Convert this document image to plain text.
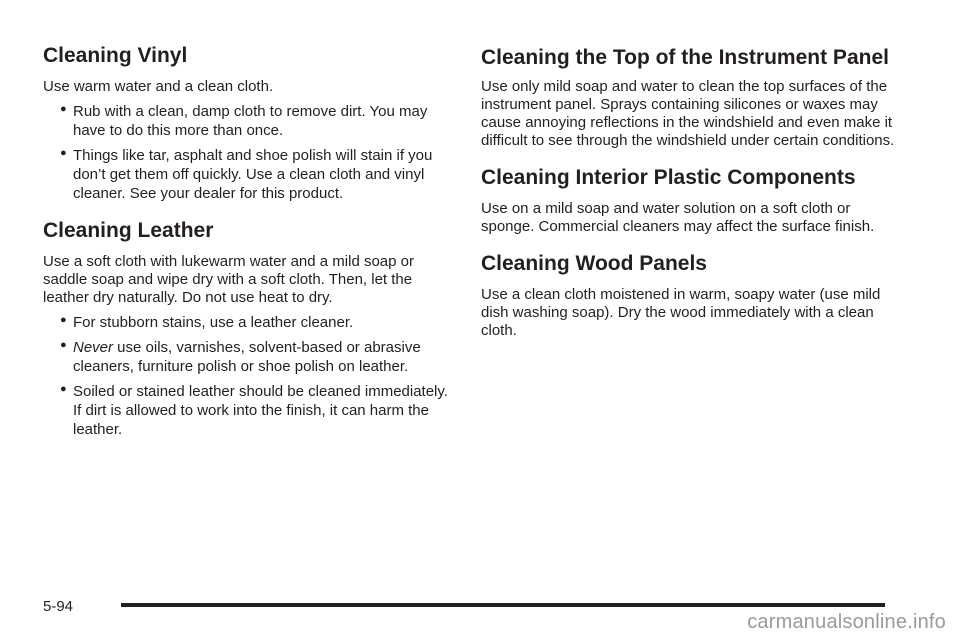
Cleaning Vinyl

Use warm water and a clean cloth.

● Rub with a clean, damp cloth to remove dirt. You may have to do this more than once.
● Things like tar, asphalt and shoe polish will stain if you don’t get them off quickly. Use a clean cloth and vinyl cleaner. See your dealer for this product.
Cleaning Leather

Use a soft cloth with lukewarm water and a mild soap or saddle soap and wipe dry with a soft cloth. Then, let the leather dry naturally. Do not use heat to dry.

● For stubborn stains, use a leather cleaner.
● Never use oils, varnishes, solvent-based or abrasive cleaners, furniture polish or shoe polish on leather.
● Soiled or stained leather should be cleaned immediately. If dirt is allowed to work into the finish, it can harm the leather.
Cleaning the Top of the Instrument Panel

Use only mild soap and water to clean the top surfaces of the instrument panel. Sprays containing silicones or waxes may cause annoying reflections in the windshield and even make it difficult to see through the windshield under certain conditions.

Cleaning Interior Plastic Components

Use on a mild soap and water solution on a soft cloth or sponge. Commercial cleaners may affect the surface finish.

Cleaning Wood Panels

Use a clean cloth moistened in warm, soapy water (use mild dish washing soap). Dry the wood immediately with a clean cloth.

5-94
carmanualsonline.info
